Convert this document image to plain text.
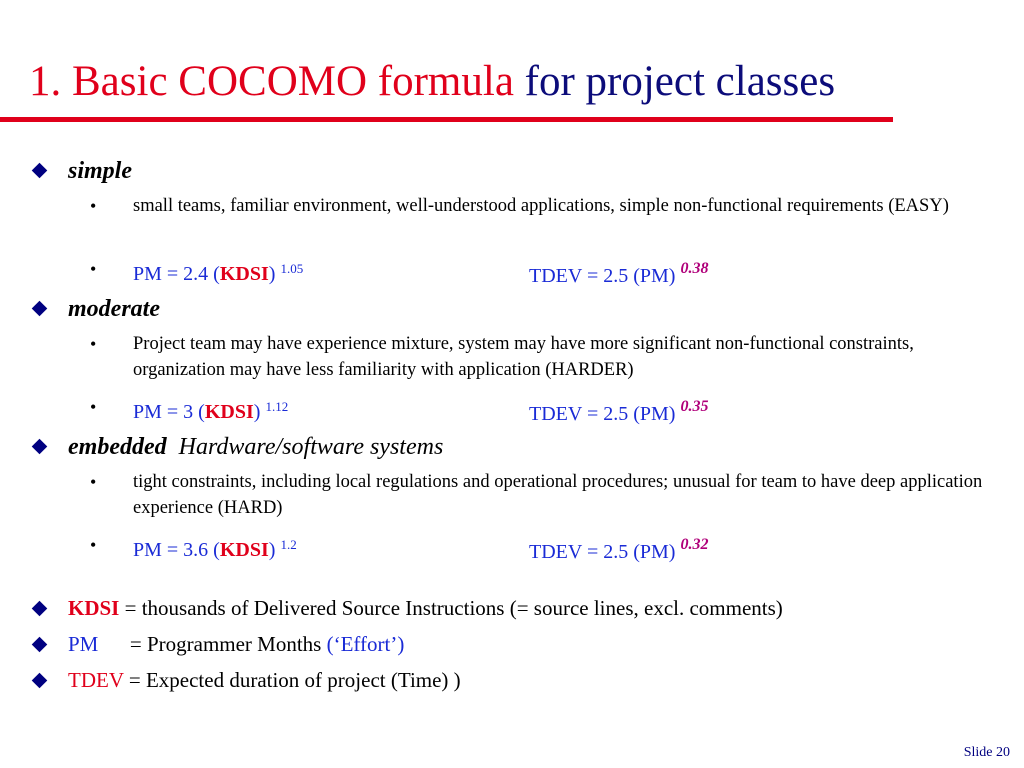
1. Basic COCOMO formula for project classes
simple
• small teams, familiar environment, well-understood applications, simple non-functional requirements (EASY)
• PM = 2.4 (KDSI) $^{1.05}$	TDEV = 2.5 (PM) $^{0.38}$
moderate
• Project team may have experience mixture, system may have more significant non-functional constraints, organization may have less familiarity with application (HARDER)
• PM = 3 (KDSI) $^{1.12}$	TDEV = 2.5 (PM) $^{0.35}$
embedded Hardware/software systems
• tight constraints, including local regulations and operational procedures; unusual for team to have deep application experience (HARD)
• PM = 3.6 (KDSI) $^{1.2}$	TDEV = 2.5 (PM) $^{0.32}$
KDSI = thousands of Delivered Source Instructions (= source lines, excl. comments)
PM      = Programmer Months (‘Effort’)
TDEV = Expected duration of project (Time) )
Slide 20
